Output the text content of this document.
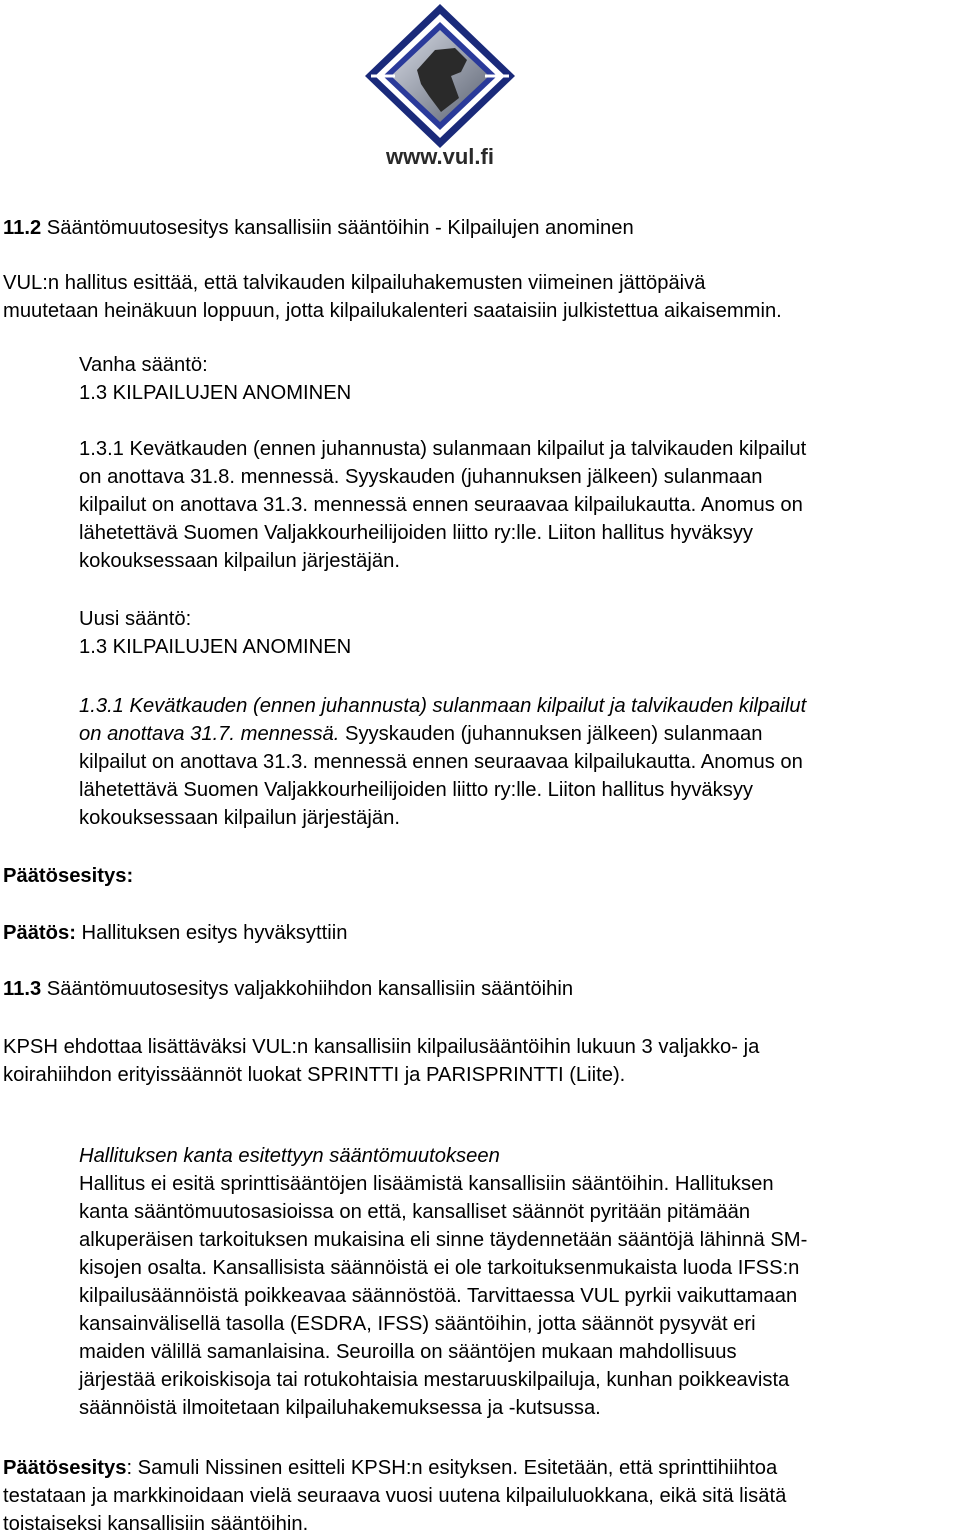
www.vul.fi

11.2 Sääntömuutosesitys kansallisiin sääntöihin - Kilpailujen anominen

VUL:n hallitus esittää, että talvikauden kilpailuhakemusten viimeinen jättöpäivä
muutetaan heinäkuun loppuun, jotta kilpailukalenteri saataisiin julkistettua aikaisemmin.

Vanha sääntö:

1.3 KILPAILUJEN ANOMINEN

1.3.1 Kevätkauden (ennen juhannusta) sulanmaan kilpailut ja talvikauden kilpailut
on anottava 31.8. mennessä. Syyskauden (juhannuksen jälkeen) sulanmaan
kilpailut on anottava 31.3. mennessä ennen seuraavaa kilpailukautta. Anomus on
lähetettävä Suomen Valjakkourheilijoiden liitto ry:lle. Liiton hallitus hyväksyy
kokouksessaan kilpailun järjestäjän.

Uusi sääntö:

1.3 KILPAILUJEN ANOMINEN

1.3.1 Kevätkauden (ennen juhannusta) sulanmaan kilpailut ja talvikauden kilpailut
on anottava 31.7. mennessä. Syyskauden (juhannuksen jälkeen) sulanmaan
kilpailut on anottava 31.3. mennessä ennen seuraavaa kilpailukautta. Anomus on
lähetettävä Suomen Valjakkourheilijoiden liitto ry:lle. Liiton hallitus hyväksyy
kokouksessaan kilpailun järjestäjän.

Päätösesitys:

Päätös: Hallituksen esitys hyväksyttiin

11.3 Sääntömuutosesitys valjakkohiihdon kansallisiin sääntöihin

KPSH ehdottaa lisättäväksi VUL:n kansallisiin kilpailusääntöihin lukuun 3 valjakko- ja
koirahiihdon erityissäännöt luokat SPRINTTI ja PARISPRINTTI (Liite).

Hallituksen kanta esitettyyn sääntömuutokseen

Hallitus ei esitä sprinttisääntöjen lisäämistä kansallisiin sääntöihin. Hallituksen
kanta sääntömuutosasioissa on että, kansalliset säännöt pyritään pitämään
alkuperäisen tarkoituksen mukaisina eli sinne täydennetään sääntöjä lähinnä SM-
kisojen osalta. Kansallisista säännöistä ei ole tarkoituksenmukaista luoda IFSS:n
kilpailusäännöistä poikkeavaa säännöstöä. Tarvittaessa VUL pyrkii vaikuttamaan
kansainvälisellä tasolla (ESDRA, IFSS) sääntöihin, jotta säännöt pysyvät eri
maiden välillä samanlaisina. Seuroilla on sääntöjen mukaan mahdollisuus
järjestää erikoiskisoja tai rotukohtaisia mestaruuskilpailuja, kunhan poikkeavista
säännöistä ilmoitetaan kilpailuhakemuksessa ja -kutsussa.

Päätösesitys: Samuli Nissinen esitteli KPSH:n esityksen. Esitetään, että sprinttihiihtoa
testataan ja markkinoidaan vielä seuraava vuosi uutena kilpailuluokkana, eikä sitä lisätä
toistaiseksi kansallisiin sääntöihin.
